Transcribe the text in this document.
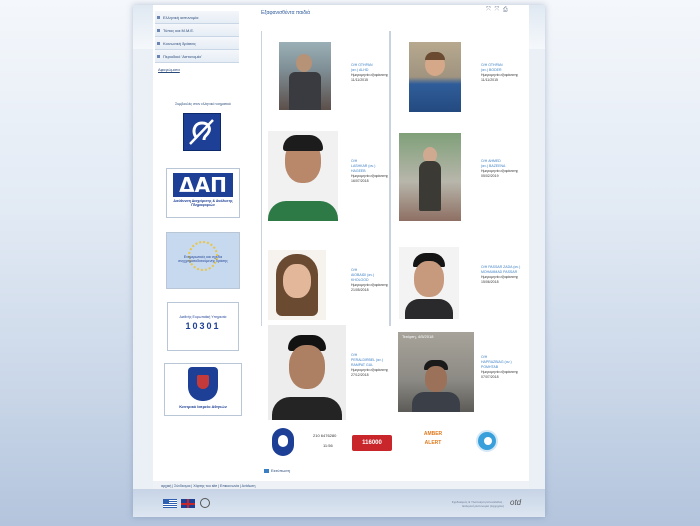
Ελληνική αστυνομία
Τύπος και Μ.Μ.Ε.
Κοινωνική δράσεις
Περιοδικό 'Αστυνομία'
Αφιερώματα
Συμβουλές στον ελληνικό νοηματικό
ΔΑΠ
Διεύθυνση Διαχείρισης & Ανάλυσης Πληροφοριών
Ενημερωτικές και σχεδία συγχρηματοδοτούμενης δράσης
Διεθνής Ευρωπαϊκή Υπηρεσία
10301
Κεντρικό Ιατρείο Αθηνών
Εξαφανισθέντα παιδιά	⤧ ⤧ ⎙
Ο/Η ΟΤΗΡΑΝ
(αν.) ALHD
Ημερομηνία εξαφάνισης
11/11/2015
Ο/Η ΟΤΗΡΑΝ
(αν.) BODER
Ημερομηνία εξαφάνισης
11/11/2015
Ο/Η
LASHKAR (αν.) HAGEEB
Ημερομηνία εξαφάνισης
16/07/2018
Ο/Η AHMED
(αν.) BAZEENA
Ημερομηνία εξαφάνισης
05/02/2019
Ο/Η
AIOBAIDI (αν.) KHOLOOD
Ημερομηνία εξαφάνισης
21/05/2018
Ο/Η PASSAR ZADA (αν.)
MOHAMMAD PASSAR
Ημερομηνία εξαφάνισης
15/06/2018
Ο/Η
PERALDIRBEL (αν.) RAMPAT GUL
Ημερομηνία εξαφάνισης
27/12/2018
Τετάρτη, 4/5/2018
Ο/Η
HAPRAZBIAG (αν.) POMHTAB
Ημερομηνία εξαφάνισης
07/07/2018
210 6476280
11:56	116000
AMBER ALERT
Εκτύπωση
αρχική | Σύνδεσμοι | Χάρτης του site | Επικοινωνία | Ανάλυση
Σχεδιασμός & Υλοποίηση Ιστοσελίδας · Ελληνική Αστυνομία (Αρχηγείο) otd
